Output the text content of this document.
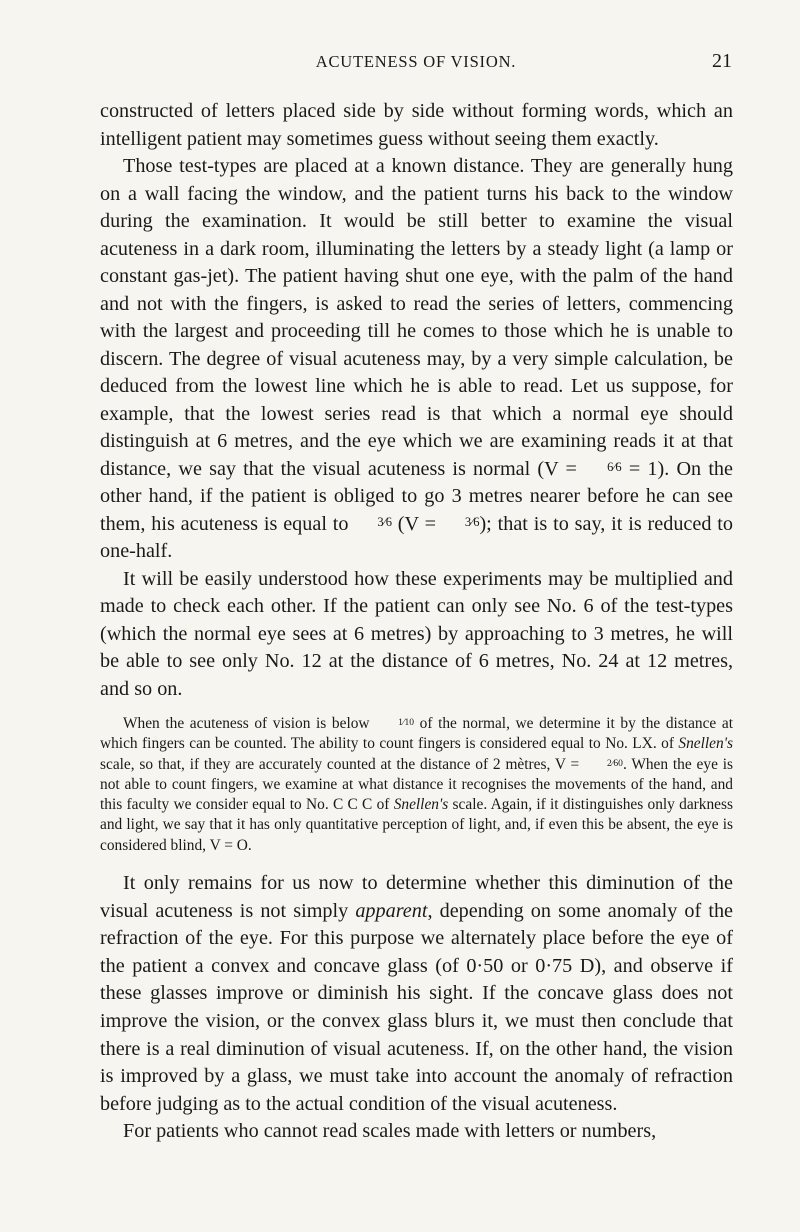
ACUTENESS OF VISION.	21

constructed of letters placed side by side without forming words, which an intelligent patient may sometimes guess without seeing them exactly.

Those test-types are placed at a known distance. They are generally hung on a wall facing the window, and the patient turns his back to the window during the examination. It would be still better to examine the visual acuteness in a dark room, illuminating the letters by a steady light (a lamp or constant gas-jet). The patient having shut one eye, with the palm of the hand and not with the fingers, is asked to read the series of letters, commencing with the largest and proceeding till he comes to those which he is unable to discern. The degree of visual acuteness may, by a very simple calculation, be deduced from the lowest line which he is able to read. Let us suppose, for example, that the lowest series read is that which a normal eye should distinguish at 6 metres, and the eye which we are examining reads it at that distance, we say that the visual acuteness is normal (V = 6⁄6 = 1). On the other hand, if the patient is obliged to go 3 metres nearer before he can see them, his acuteness is equal to 3⁄6 (V = 3⁄6); that is to say, it is reduced to one-half.

It will be easily understood how these experiments may be multiplied and made to check each other. If the patient can only see No. 6 of the test-types (which the normal eye sees at 6 metres) by approaching to 3 metres, he will be able to see only No. 12 at the distance of 6 metres, No. 24 at 12 metres, and so on.

When the acuteness of vision is below 1⁄10 of the normal, we determine it by the distance at which fingers can be counted. The ability to count fingers is considered equal to No. LX. of Snellen's scale, so that, if they are accurately counted at the distance of 2 mètres, V = 2⁄60. When the eye is not able to count fingers, we examine at what distance it recognises the movements of the hand, and this faculty we consider equal to No. C C C of Snellen's scale. Again, if it distinguishes only darkness and light, we say that it has only quantitative perception of light, and, if even this be absent, the eye is considered blind, V = O.

It only remains for us now to determine whether this diminution of the visual acuteness is not simply apparent, depending on some anomaly of the refraction of the eye. For this purpose we alternately place before the eye of the patient a convex and concave glass (of 0·50 or 0·75 D), and observe if these glasses improve or diminish his sight. If the concave glass does not improve the vision, or the convex glass blurs it, we must then conclude that there is a real diminution of visual acuteness. If, on the other hand, the vision is improved by a glass, we must take into account the anomaly of refraction before judging as to the actual condition of the visual acuteness.

For patients who cannot read scales made with letters or numbers,
